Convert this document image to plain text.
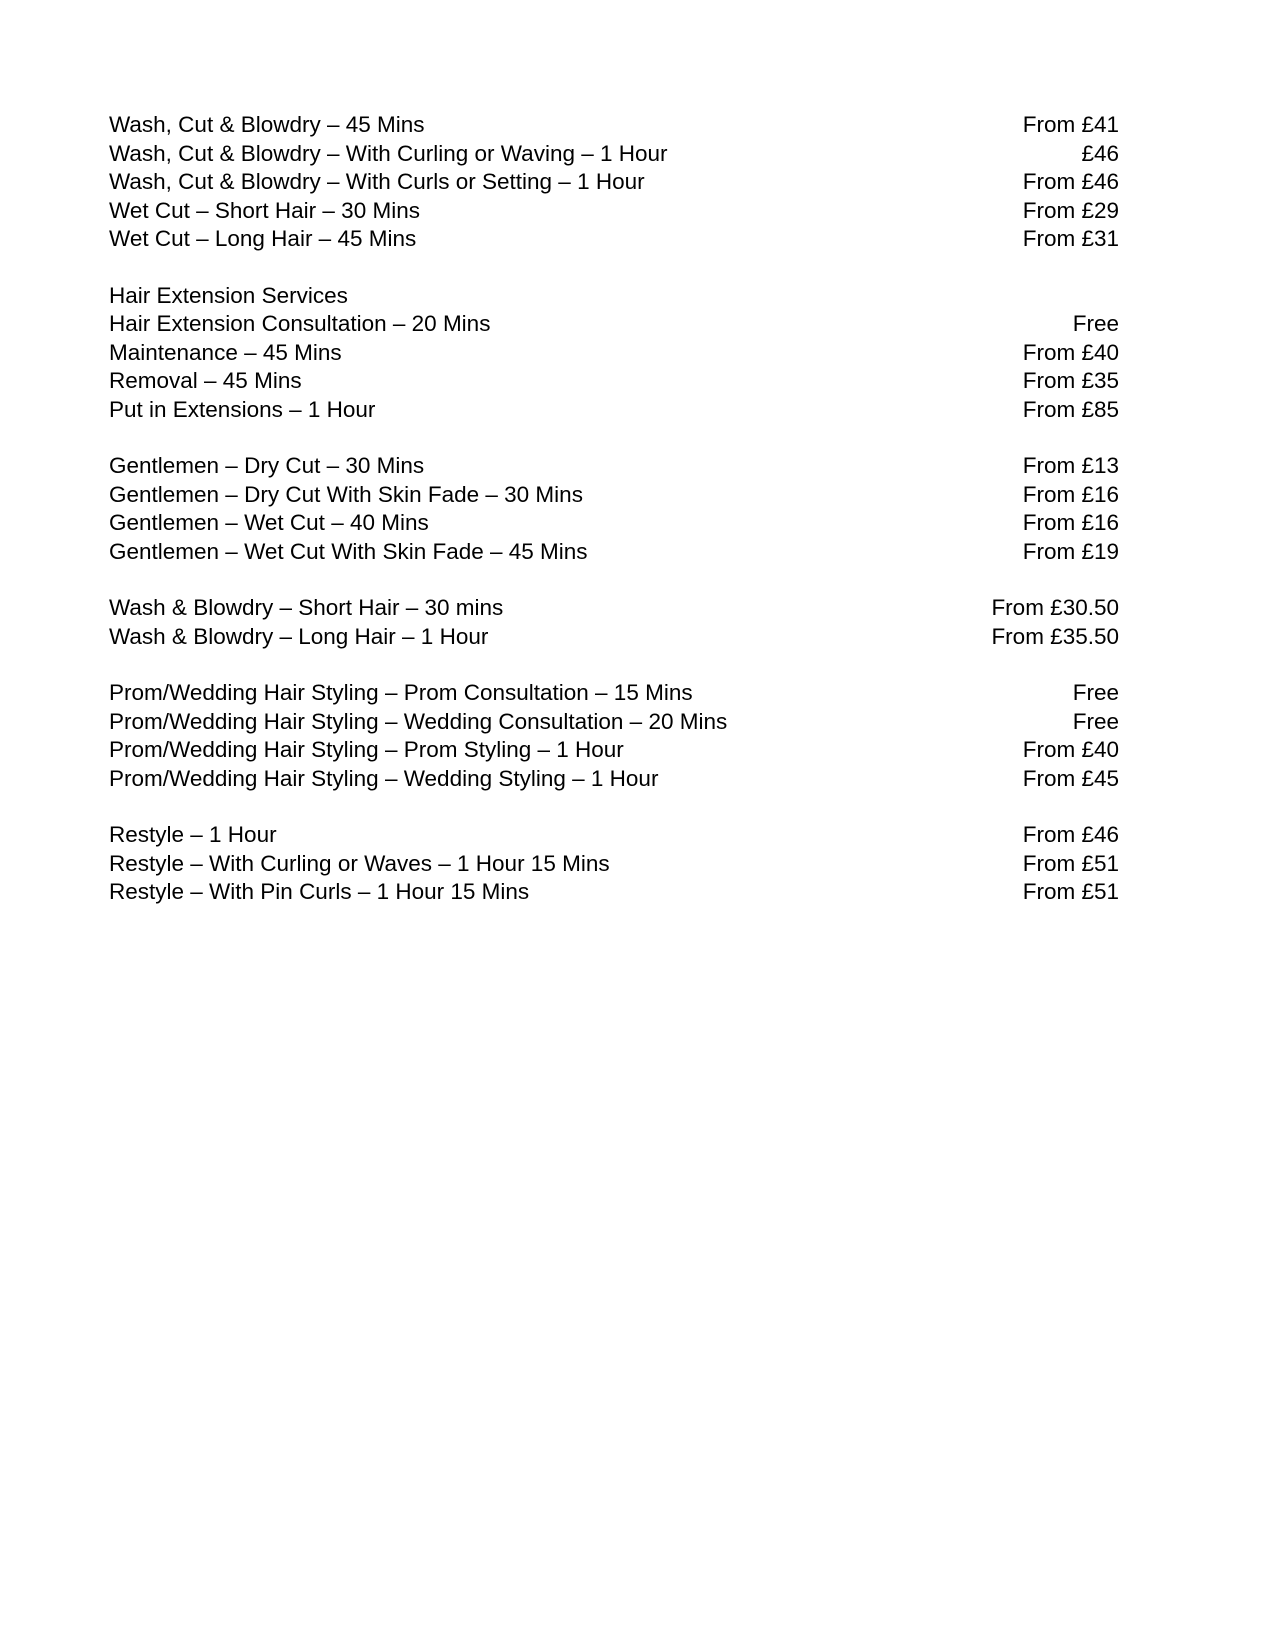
Wash, Cut & Blowdry – 45 Mins	From £41
Wash, Cut & Blowdry – With Curling or Waving – 1 Hour	£46
Wash, Cut & Blowdry – With Curls or Setting – 1 Hour	From £46
Wet Cut – Short Hair – 30 Mins	From £29
Wet Cut – Long Hair – 45 Mins	From £31
Hair Extension Services
Hair Extension Consultation – 20 Mins	Free
Maintenance – 45 Mins	From £40
Removal – 45 Mins	From £35
Put in Extensions – 1 Hour	From £85
Gentlemen – Dry Cut – 30 Mins	From £13
Gentlemen – Dry Cut With Skin Fade – 30 Mins	From £16
Gentlemen – Wet Cut – 40 Mins	From £16
Gentlemen – Wet Cut With Skin Fade – 45 Mins	From £19
Wash & Blowdry – Short Hair – 30 mins	From £30.50
Wash & Blowdry – Long Hair – 1 Hour	From £35.50
Prom/Wedding Hair Styling – Prom Consultation – 15 Mins	Free
Prom/Wedding Hair Styling – Wedding Consultation – 20 Mins	Free
Prom/Wedding Hair Styling – Prom Styling – 1 Hour	From £40
Prom/Wedding Hair Styling – Wedding Styling – 1 Hour	From £45
Restyle – 1 Hour	From £46
Restyle – With Curling or Waves – 1 Hour 15 Mins	From £51
Restyle – With Pin Curls – 1 Hour 15 Mins	From £51
